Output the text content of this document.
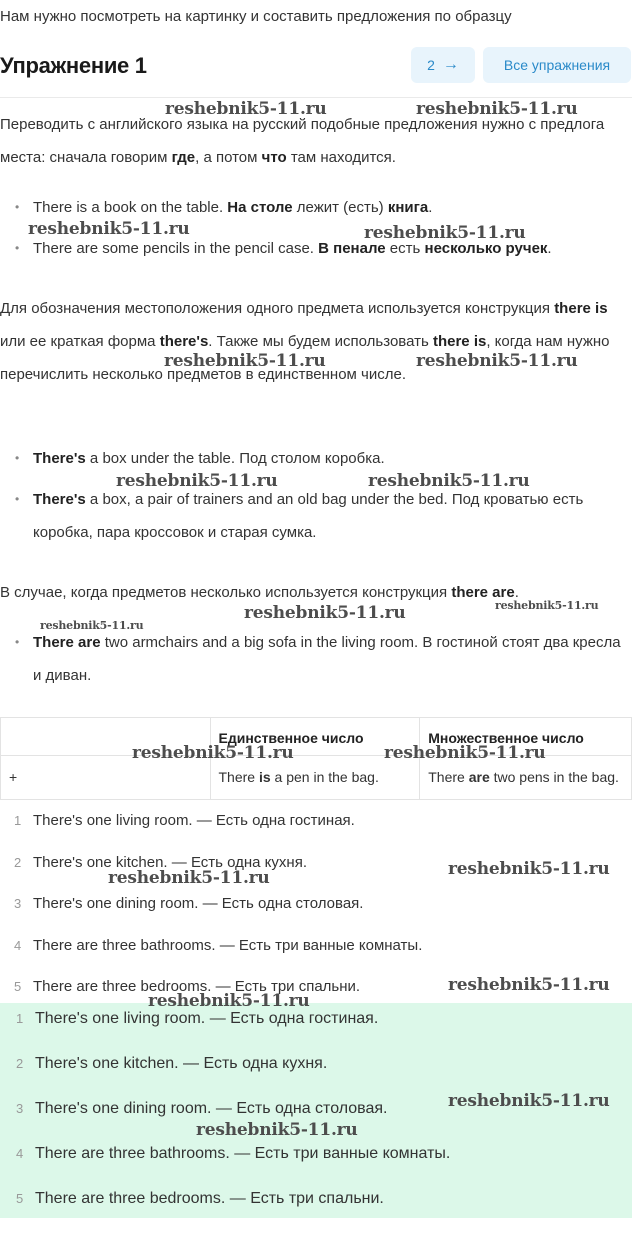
Нам нужно посмотреть на картинку и составить предложения по образцу
Упражнение 1	2 →	Все упражнения

Переводить с английского языка на русский подобные предложения нужно с предлога места: сначала говорим где, а потом что там находится.

• There is a book on the table. На столе лежит (есть) книга.
• There are some pencils in the pencil case. В пенале есть несколько ручек.

Для обозначения местоположения одного предмета используется конструкция there is или ее краткая форма there's. Также мы будем использовать there is, когда нам нужно перечислить несколько предметов в единственном числе.

• There's a box under the table. Под столом коробка.
• There's a box, a pair of trainers and an old bag under the bed. Под кроватью есть коробка, пара кроссовок и старая сумка.

В случае, когда предметов несколько используется конструкция there are.

• There are two armchairs and a big sofa in the living room. В гостиной стоят два кресла и диван.
	Единственное число	Множественное число
+	There is a pen in the bag.	There are two pens in the bag.
1 There's one living room. — Есть одна гостиная.
2 There's one kitchen. — Есть одна кухня.
3 There's one dining room. — Есть одна столовая.
4 There are three bathrooms. — Есть три ванные комнаты.
5 There are three bedrooms. — Есть три спальни.
1 There's one living room. — Есть одна гостиная.
2 There's one kitchen. — Есть одна кухня.
3 There's one dining room. — Есть одна столовая.
4 There are three bathrooms. — Есть три ванные комнаты.
5 There are three bedrooms. — Есть три спальни.
reshebnik5-11.ru	reshebnik5-11.ru
reshebnik5-11.ru	reshebnik5-11.ru
reshebnik5-11.ru	reshebnik5-11.ru
reshebnik5-11.ru	reshebnik5-11.ru
reshebnik5-11.ru	reshebnik5-11.ru
reshebnik5-11.ru
reshebnik5-11.ru	reshebnik5-11.ru
reshebnik5-11.ru	reshebnik5-11.ru
reshebnik5-11.ru
reshebnik5-11.ru
reshebnik5-11.ru
reshebnik5-11.ru
